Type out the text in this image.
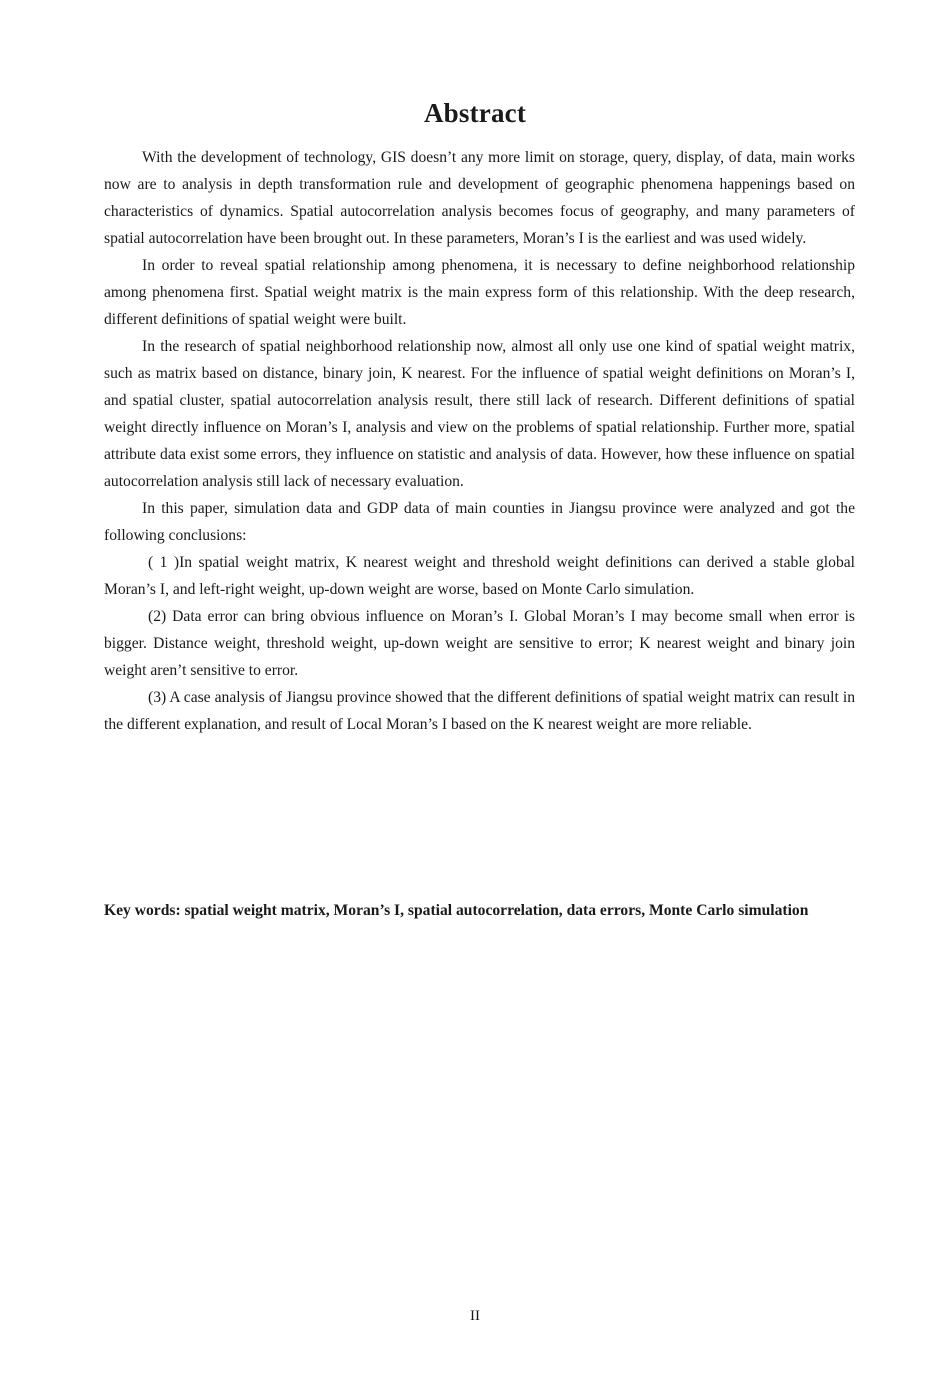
Abstract

With the development of technology, GIS doesn’t any more limit on storage, query, display, of data, main works now are to analysis in depth transformation rule and development of geographic phenomena happenings based on characteristics of dynamics. Spatial autocorrelation analysis becomes focus of geography, and many parameters of spatial autocorrelation have been brought out. In these parameters, Moran’s I is the earliest and was used widely.

In order to reveal spatial relationship among phenomena, it is necessary to define neighborhood relationship among phenomena first. Spatial weight matrix is the main express form of this relationship. With the deep research, different definitions of spatial weight were built.

In the research of spatial neighborhood relationship now, almost all only use one kind of spatial weight matrix, such as matrix based on distance, binary join, K nearest. For the influence of spatial weight definitions on Moran’s I, and spatial cluster, spatial autocorrelation analysis result, there still lack of research. Different definitions of spatial weight directly influence on Moran’s I, analysis and view on the problems of spatial relationship. Further more, spatial attribute data exist some errors, they influence on statistic and analysis of data. However, how these influence on spatial autocorrelation analysis still lack of necessary evaluation.

In this paper, simulation data and GDP data of main counties in Jiangsu province were analyzed and got the following conclusions:

( 1 )In spatial weight matrix, K nearest weight and threshold weight definitions can derived a stable global Moran’s I, and left-right weight, up-down weight are worse, based on Monte Carlo simulation.

(2) Data error can bring obvious influence on Moran’s I. Global Moran’s I may become small when error is bigger. Distance weight, threshold weight, up-down weight are sensitive to error; K nearest weight and binary join weight aren’t sensitive to error.

(3) A case analysis of Jiangsu province showed that the different definitions of spatial weight matrix can result in the different explanation, and result of Local Moran’s I based on the K nearest weight are more reliable.

Key words: spatial weight matrix, Moran’s I, spatial autocorrelation, data errors, Monte Carlo simulation

II
